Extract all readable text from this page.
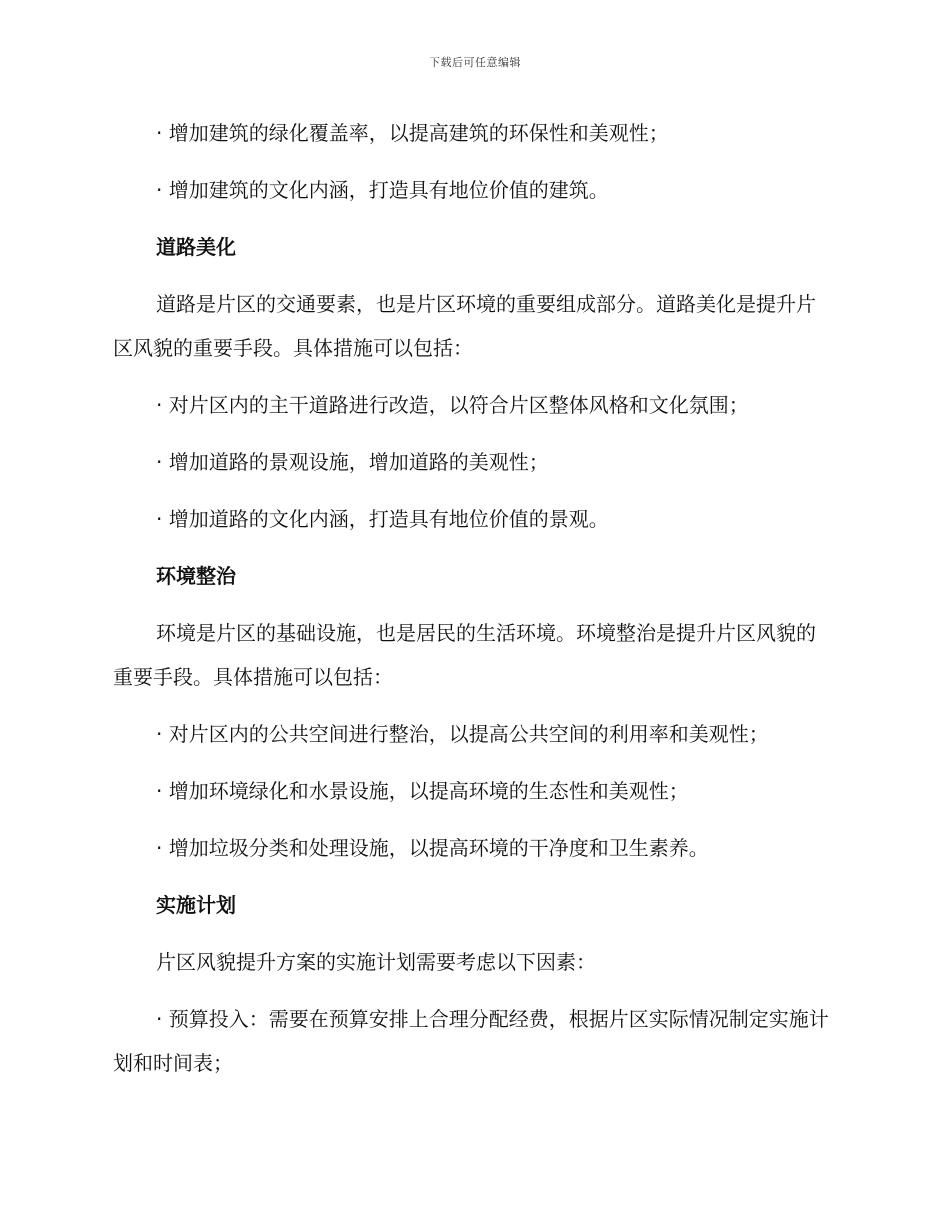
下载后可任意编辑

· 增加建筑的绿化覆盖率，以提高建筑的环保性和美观性；

· 增加建筑的文化内涵，打造具有地位价值的建筑。

道路美化

道路是片区的交通要素，也是片区环境的重要组成部分。道路美化是提升片区风貌的重要手段。具体措施可以包括：

· 对片区内的主干道路进行改造，以符合片区整体风格和文化氛围；

· 增加道路的景观设施，增加道路的美观性；

· 增加道路的文化内涵，打造具有地位价值的景观。

环境整治

环境是片区的基础设施，也是居民的生活环境。环境整治是提升片区风貌的重要手段。具体措施可以包括：

· 对片区内的公共空间进行整治，以提高公共空间的利用率和美观性；

· 增加环境绿化和水景设施，以提高环境的生态性和美观性；

· 增加垃圾分类和处理设施，以提高环境的干净度和卫生素养。

实施计划

片区风貌提升方案的实施计划需要考虑以下因素：

· 预算投入：需要在预算安排上合理分配经费，根据片区实际情况制定实施计划和时间表；
